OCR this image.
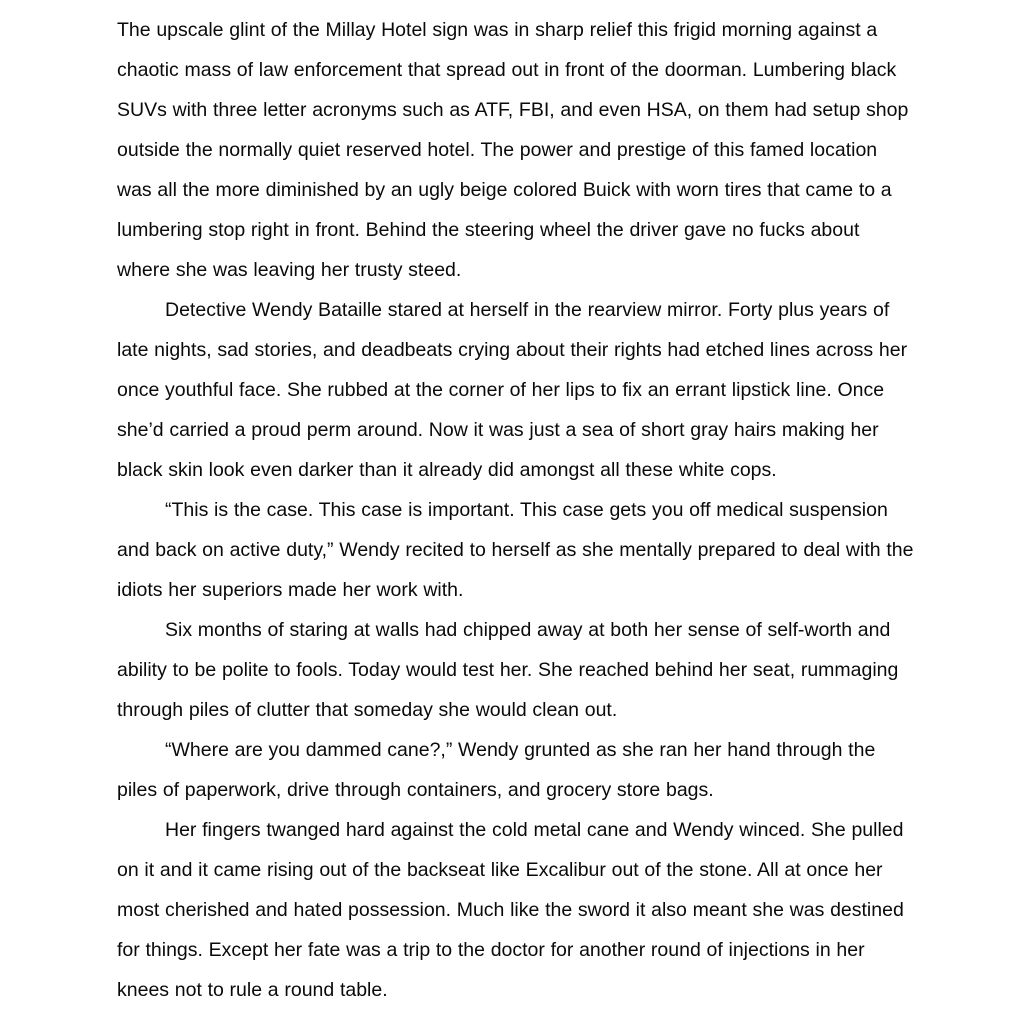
The upscale glint of the Millay Hotel sign was in sharp relief this frigid morning against a chaotic mass of law enforcement that spread out in front of the doorman. Lumbering black SUVs with three letter acronyms such as ATF, FBI, and even HSA, on them had setup shop outside the normally quiet reserved hotel. The power and prestige of this famed location was all the more diminished by an ugly beige colored Buick with worn tires that came to a lumbering stop right in front. Behind the steering wheel the driver gave no fucks about where she was leaving her trusty steed.

Detective Wendy Bataille stared at herself in the rearview mirror. Forty plus years of late nights, sad stories, and deadbeats crying about their rights had etched lines across her once youthful face. She rubbed at the corner of her lips to fix an errant lipstick line. Once she’d carried a proud perm around. Now it was just a sea of short gray hairs making her black skin look even darker than it already did amongst all these white cops.

“This is the case. This case is important. This case gets you off medical suspension and back on active duty,” Wendy recited to herself as she mentally prepared to deal with the idiots her superiors made her work with.

Six months of staring at walls had chipped away at both her sense of self-worth and ability to be polite to fools. Today would test her. She reached behind her seat, rummaging through piles of clutter that someday she would clean out.

“Where are you dammed cane?,” Wendy grunted as she ran her hand through the piles of paperwork, drive through containers, and grocery store bags.

Her fingers twanged hard against the cold metal cane and Wendy winced. She pulled on it and it came rising out of the backseat like Excalibur out of the stone. All at once her most cherished and hated possession. Much like the sword it also meant she was destined for things. Except her fate was a trip to the doctor for another round of injections in her knees not to rule a round table.
